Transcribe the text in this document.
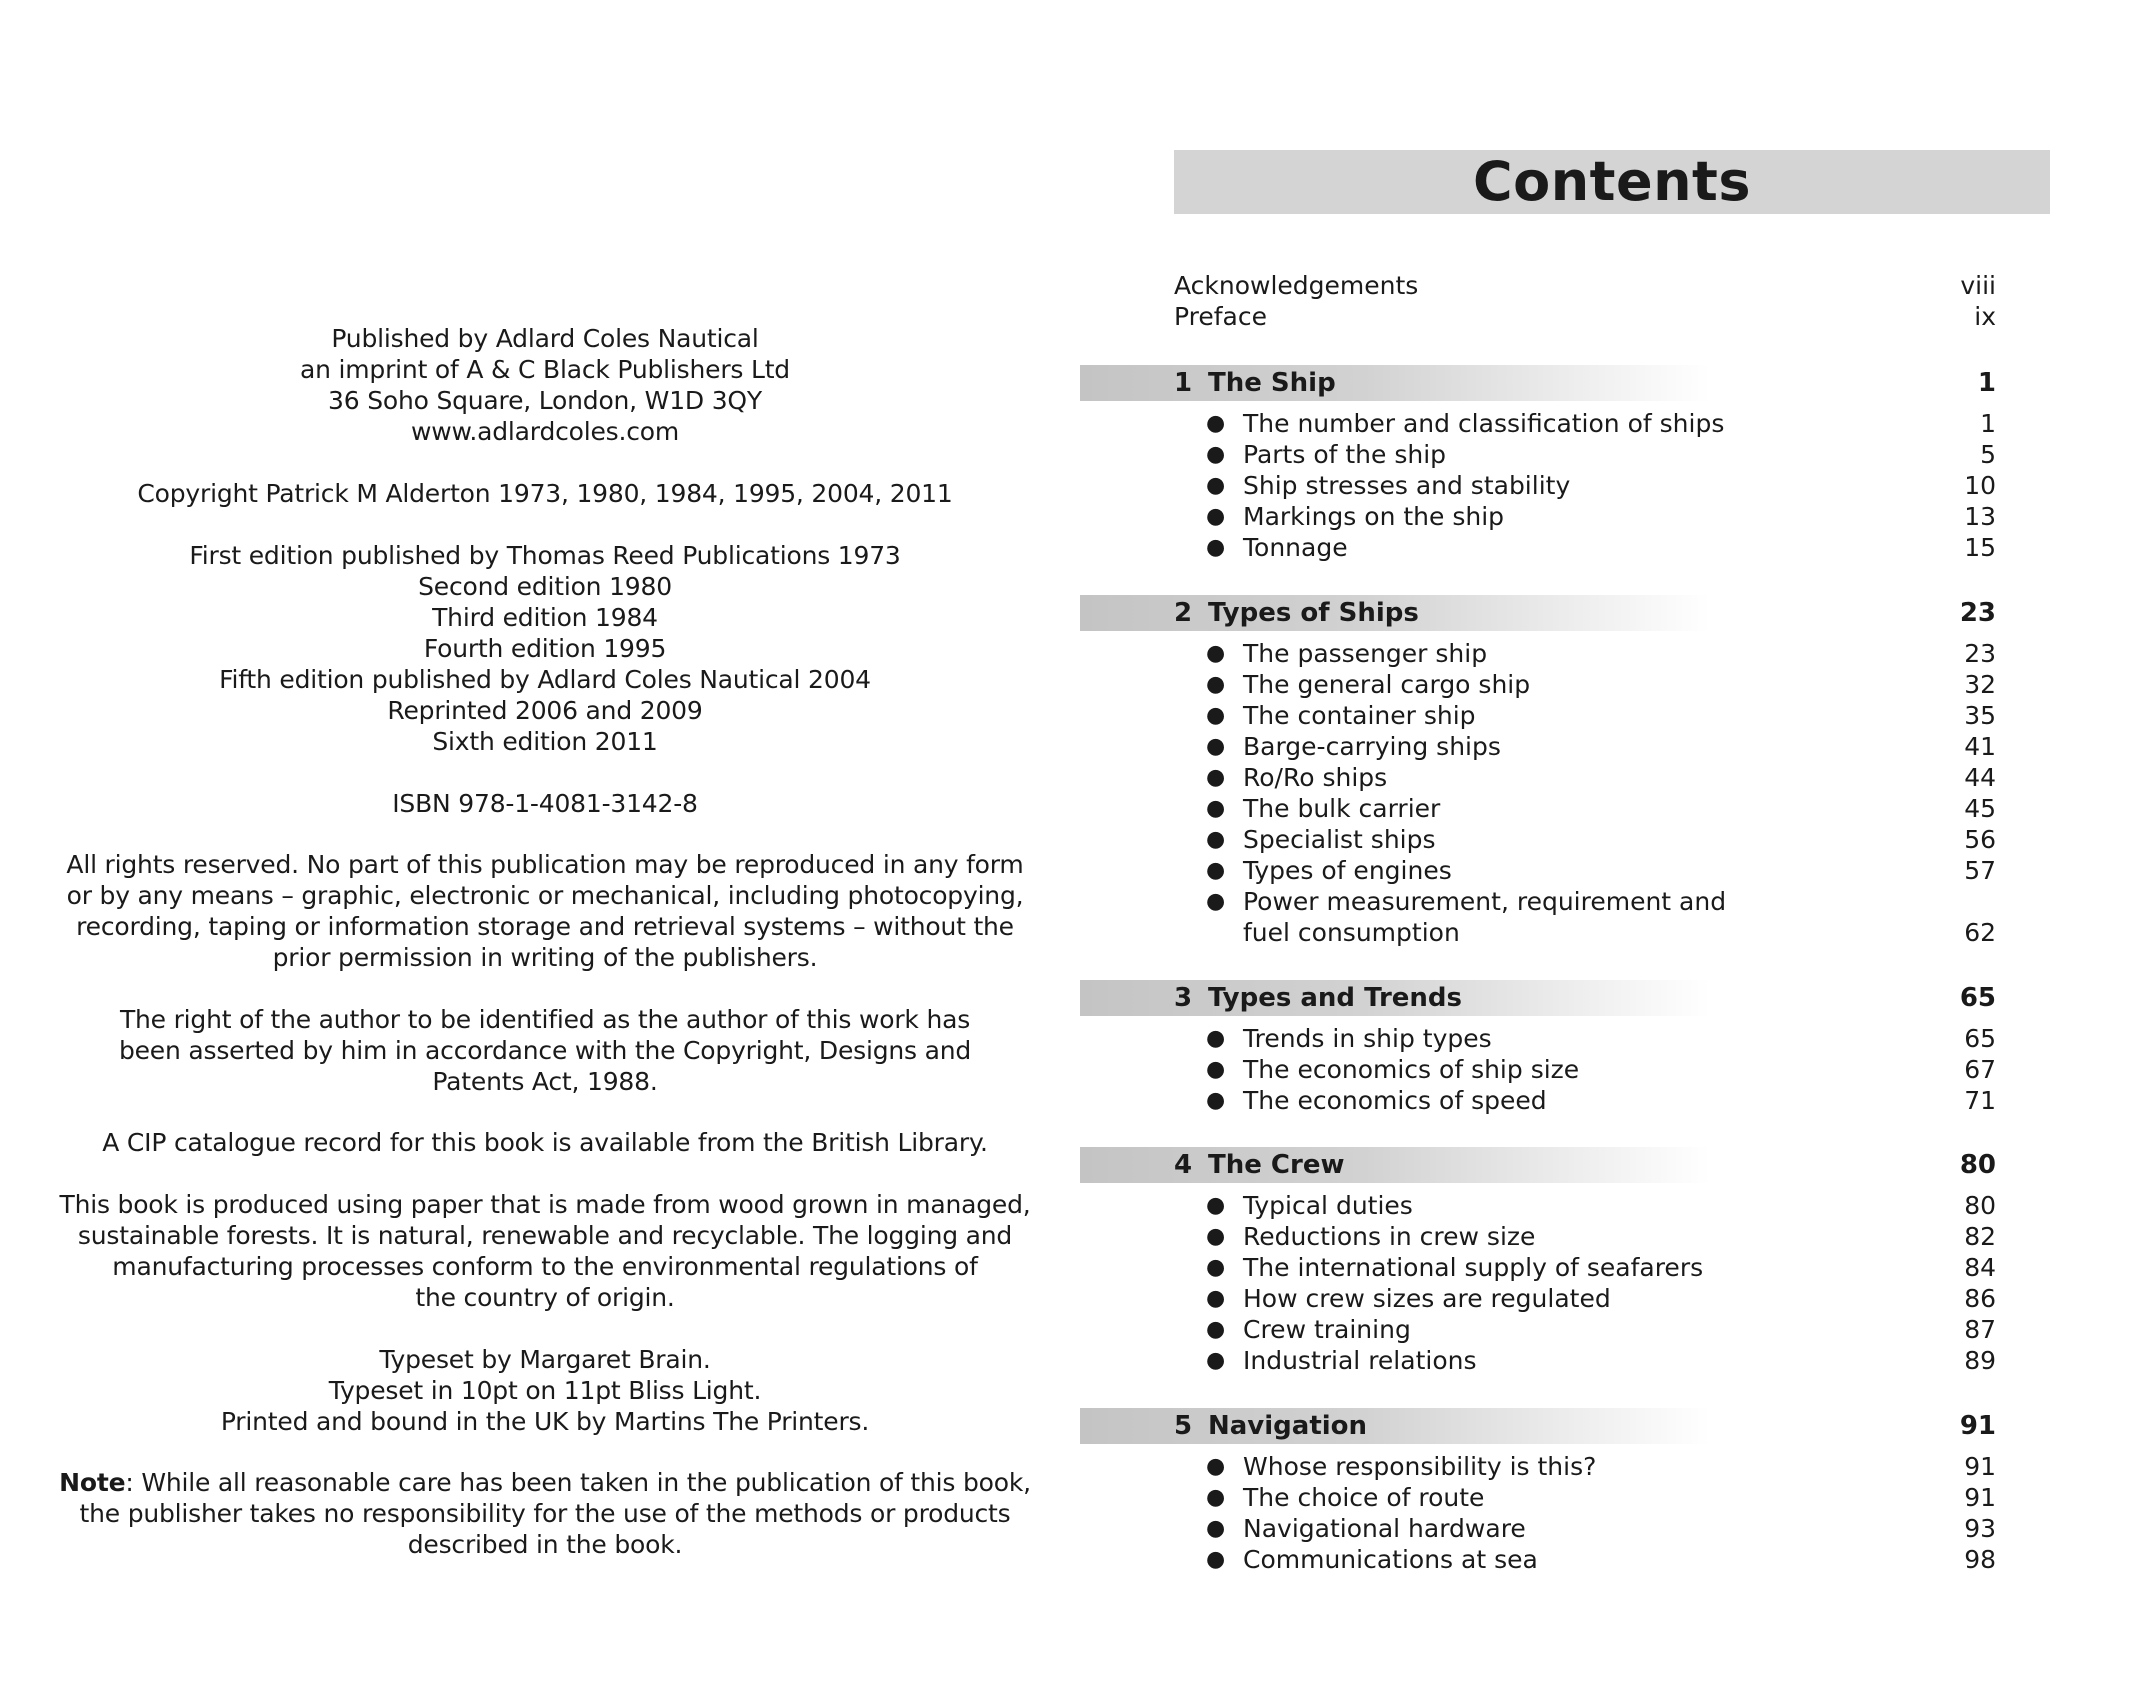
Published by Adlard Coles Nautical
an imprint of A & C Black Publishers Ltd
36 Soho Square, London, W1D 3QY
www.adlardcoles.com
Copyright Patrick M Alderton 1973, 1980, 1984, 1995, 2004, 2011
First edition published by Thomas Reed Publications 1973
Second edition 1980
Third edition 1984
Fourth edition 1995
Fifth edition published by Adlard Coles Nautical 2004
Reprinted 2006 and 2009
Sixth edition 2011
ISBN 978-1-4081-3142-8
All rights reserved. No part of this publication may be reproduced in any form
or by any means – graphic, electronic or mechanical, including photocopying,
recording, taping or information storage and retrieval systems – without the
prior permission in writing of the publishers.
The right of the author to be identified as the author of this work has
been asserted by him in accordance with the Copyright, Designs and
Patents Act, 1988.
A CIP catalogue record for this book is available from the British Library.
This book is produced using paper that is made from wood grown in managed,
sustainable forests. It is natural, renewable and recyclable. The logging and
manufacturing processes conform to the environmental regulations of
the country of origin.
Typeset by Margaret Brain.
Typeset in 10pt on 11pt Bliss Light.
Printed and bound in the UK by Martins The Printers.
Note: While all reasonable care has been taken in the publication of this book,
the publisher takes no responsibility for the use of the methods or products
described in the book.
Contents
Acknowledgements	viii
Preface	ix
1 The Ship	1
● The number and classification of ships	1
● Parts of the ship	5
● Ship stresses and stability	10
● Markings on the ship	13
● Tonnage	15
2 Types of Ships	23
● The passenger ship	23
● The general cargo ship	32
● The container ship	35
● Barge-carrying ships	41
● Ro/Ro ships	44
● The bulk carrier	45
● Specialist ships	56
● Types of engines	57
● Power measurement, requirement and
fuel consumption	62
3 Types and Trends	65
● Trends in ship types	65
● The economics of ship size	67
● The economics of speed	71
4 The Crew	80
● Typical duties	80
● Reductions in crew size	82
● The international supply of seafarers	84
● How crew sizes are regulated	86
● Crew training	87
● Industrial relations	89
5 Navigation	91
● Whose responsibility is this?	91
● The choice of route	91
● Navigational hardware	93
● Communications at sea	98
